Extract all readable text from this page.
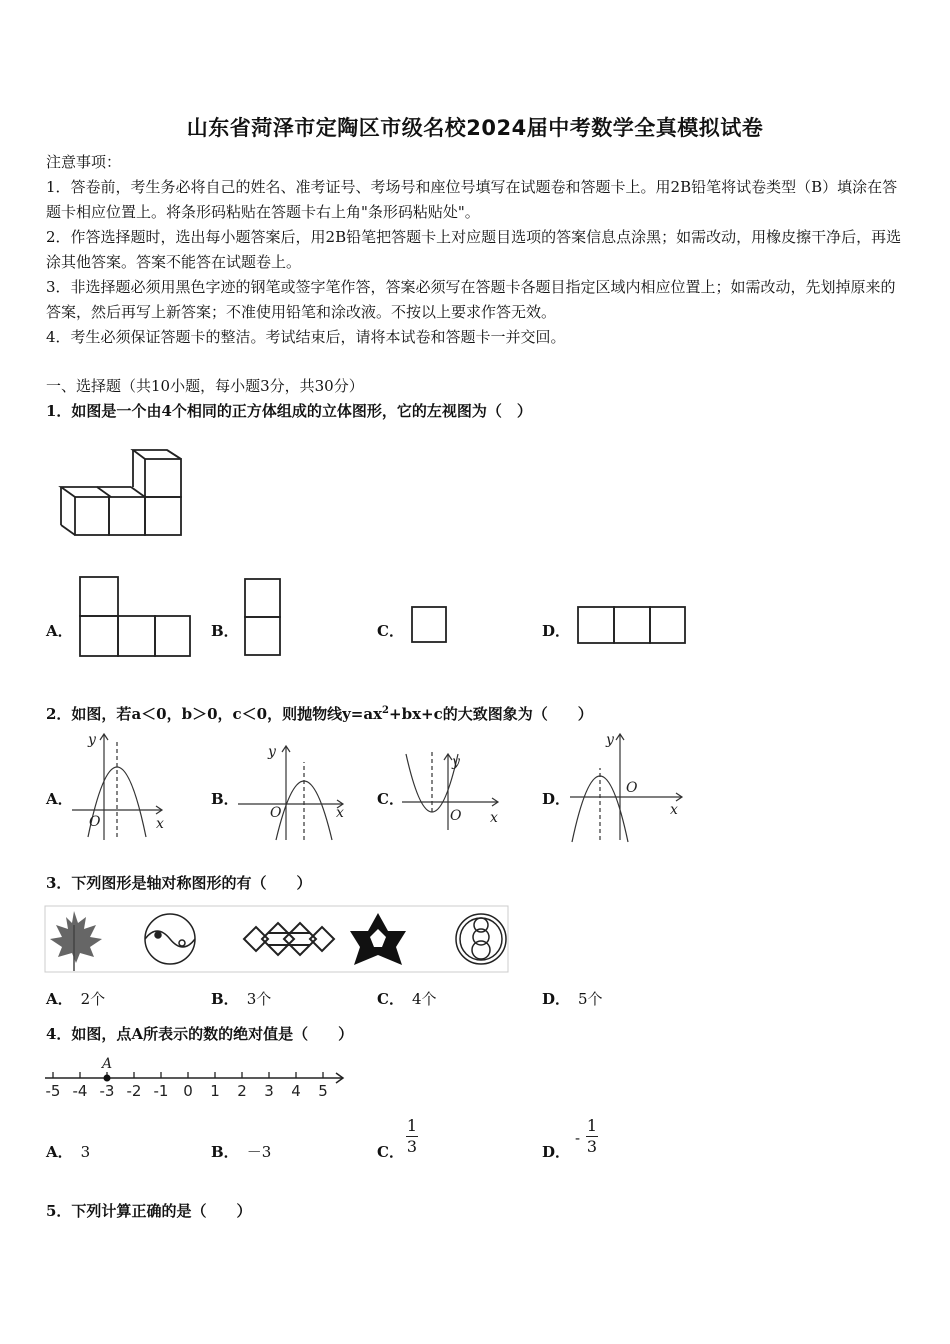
山东省菏泽市定陶区市级名校2024届中考数学全真模拟试卷
注意事项：
1．答卷前，考生务必将自己的姓名、准考证号、考场号和座位号填写在试题卷和答题卡上。用2B铅笔将试卷类型（B）填涂在答题卡相应位置上。将条形码粘贴在答题卡右上角"条形码粘贴处"。
2．作答选择题时，选出每小题答案后，用2B铅笔把答题卡上对应题目选项的答案信息点涂黑；如需改动，用橡皮擦干净后，再选涂其他答案。答案不能答在试题卷上。
3．非选择题必须用黑色字迹的钢笔或签字笔作答，答案必须写在答题卡各题目指定区域内相应位置上；如需改动，先划掉原来的答案，然后再写上新答案；不准使用铅笔和涂改液。不按以上要求作答无效。
4．考生必须保证答题卡的整洁。考试结束后，请将本试卷和答题卡一并交回。
一、选择题（共10小题，每小题3分，共30分）
1．如图是一个由4个相同的正方体组成的立体图形，它的左视图为（　）
A．	B．	C．	D．
2．如图，若a＜0，b＞0，c＜0，则抛物线$y=ax^2+bx+c$的大致图象为（　　）
A．
y
x
O
B．
y
x
O
C．
y
x
O
D．
y
x
O
3．下列图形是轴对称图形的有（　　）
A． 2个	B． 3个	C． 4个	D． 5个
4．如图，点A所表示的数的绝对值是（　　）
-5 -4 -3 -2 -1 0 1 2 3 4 5
A
A． 3	B． －3	C．
1
3	D．
-
1
3
5．下列计算正确的是（　　）
